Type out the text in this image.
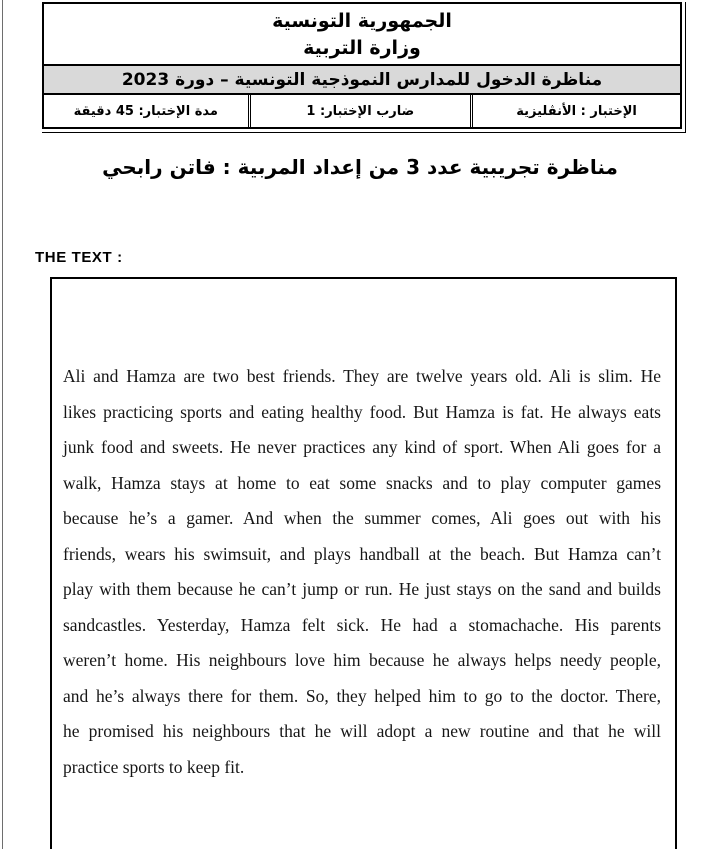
الجمهورية التونسية
وزارة التربية
مناظرة الدخول للمدارس النموذجية التونسية – دورة 2023
مدة الإختبار: 45 دقيقة	ضارب الإختبار: 1	الإختبار : الأنڤليزية
مناظرة تجريبية عدد 3 من إعداد المربية : فاتن رابحي
THE TEXT :
Ali and Hamza are two best friends. They are twelve years old. Ali is slim. He
likes practicing sports and eating healthy food. But Hamza is fat. He always eats
junk food and sweets. He never practices any kind of sport. When Ali goes for a
walk, Hamza stays at home to eat some snacks and to play computer games
because he’s a gamer. And when the summer comes, Ali goes out with his
friends, wears his swimsuit, and plays handball at the beach. But Hamza can’t
play with them because he can’t jump or run. He just stays on the sand and builds
sandcastles. Yesterday, Hamza felt sick. He had a stomachache. His parents
weren’t home. His neighbours love him because he always helps needy people,
and he’s always there for them. So, they helped him to go to the doctor. There,
he promised his neighbours that he will adopt a new routine and that he will
practice sports to keep fit.
